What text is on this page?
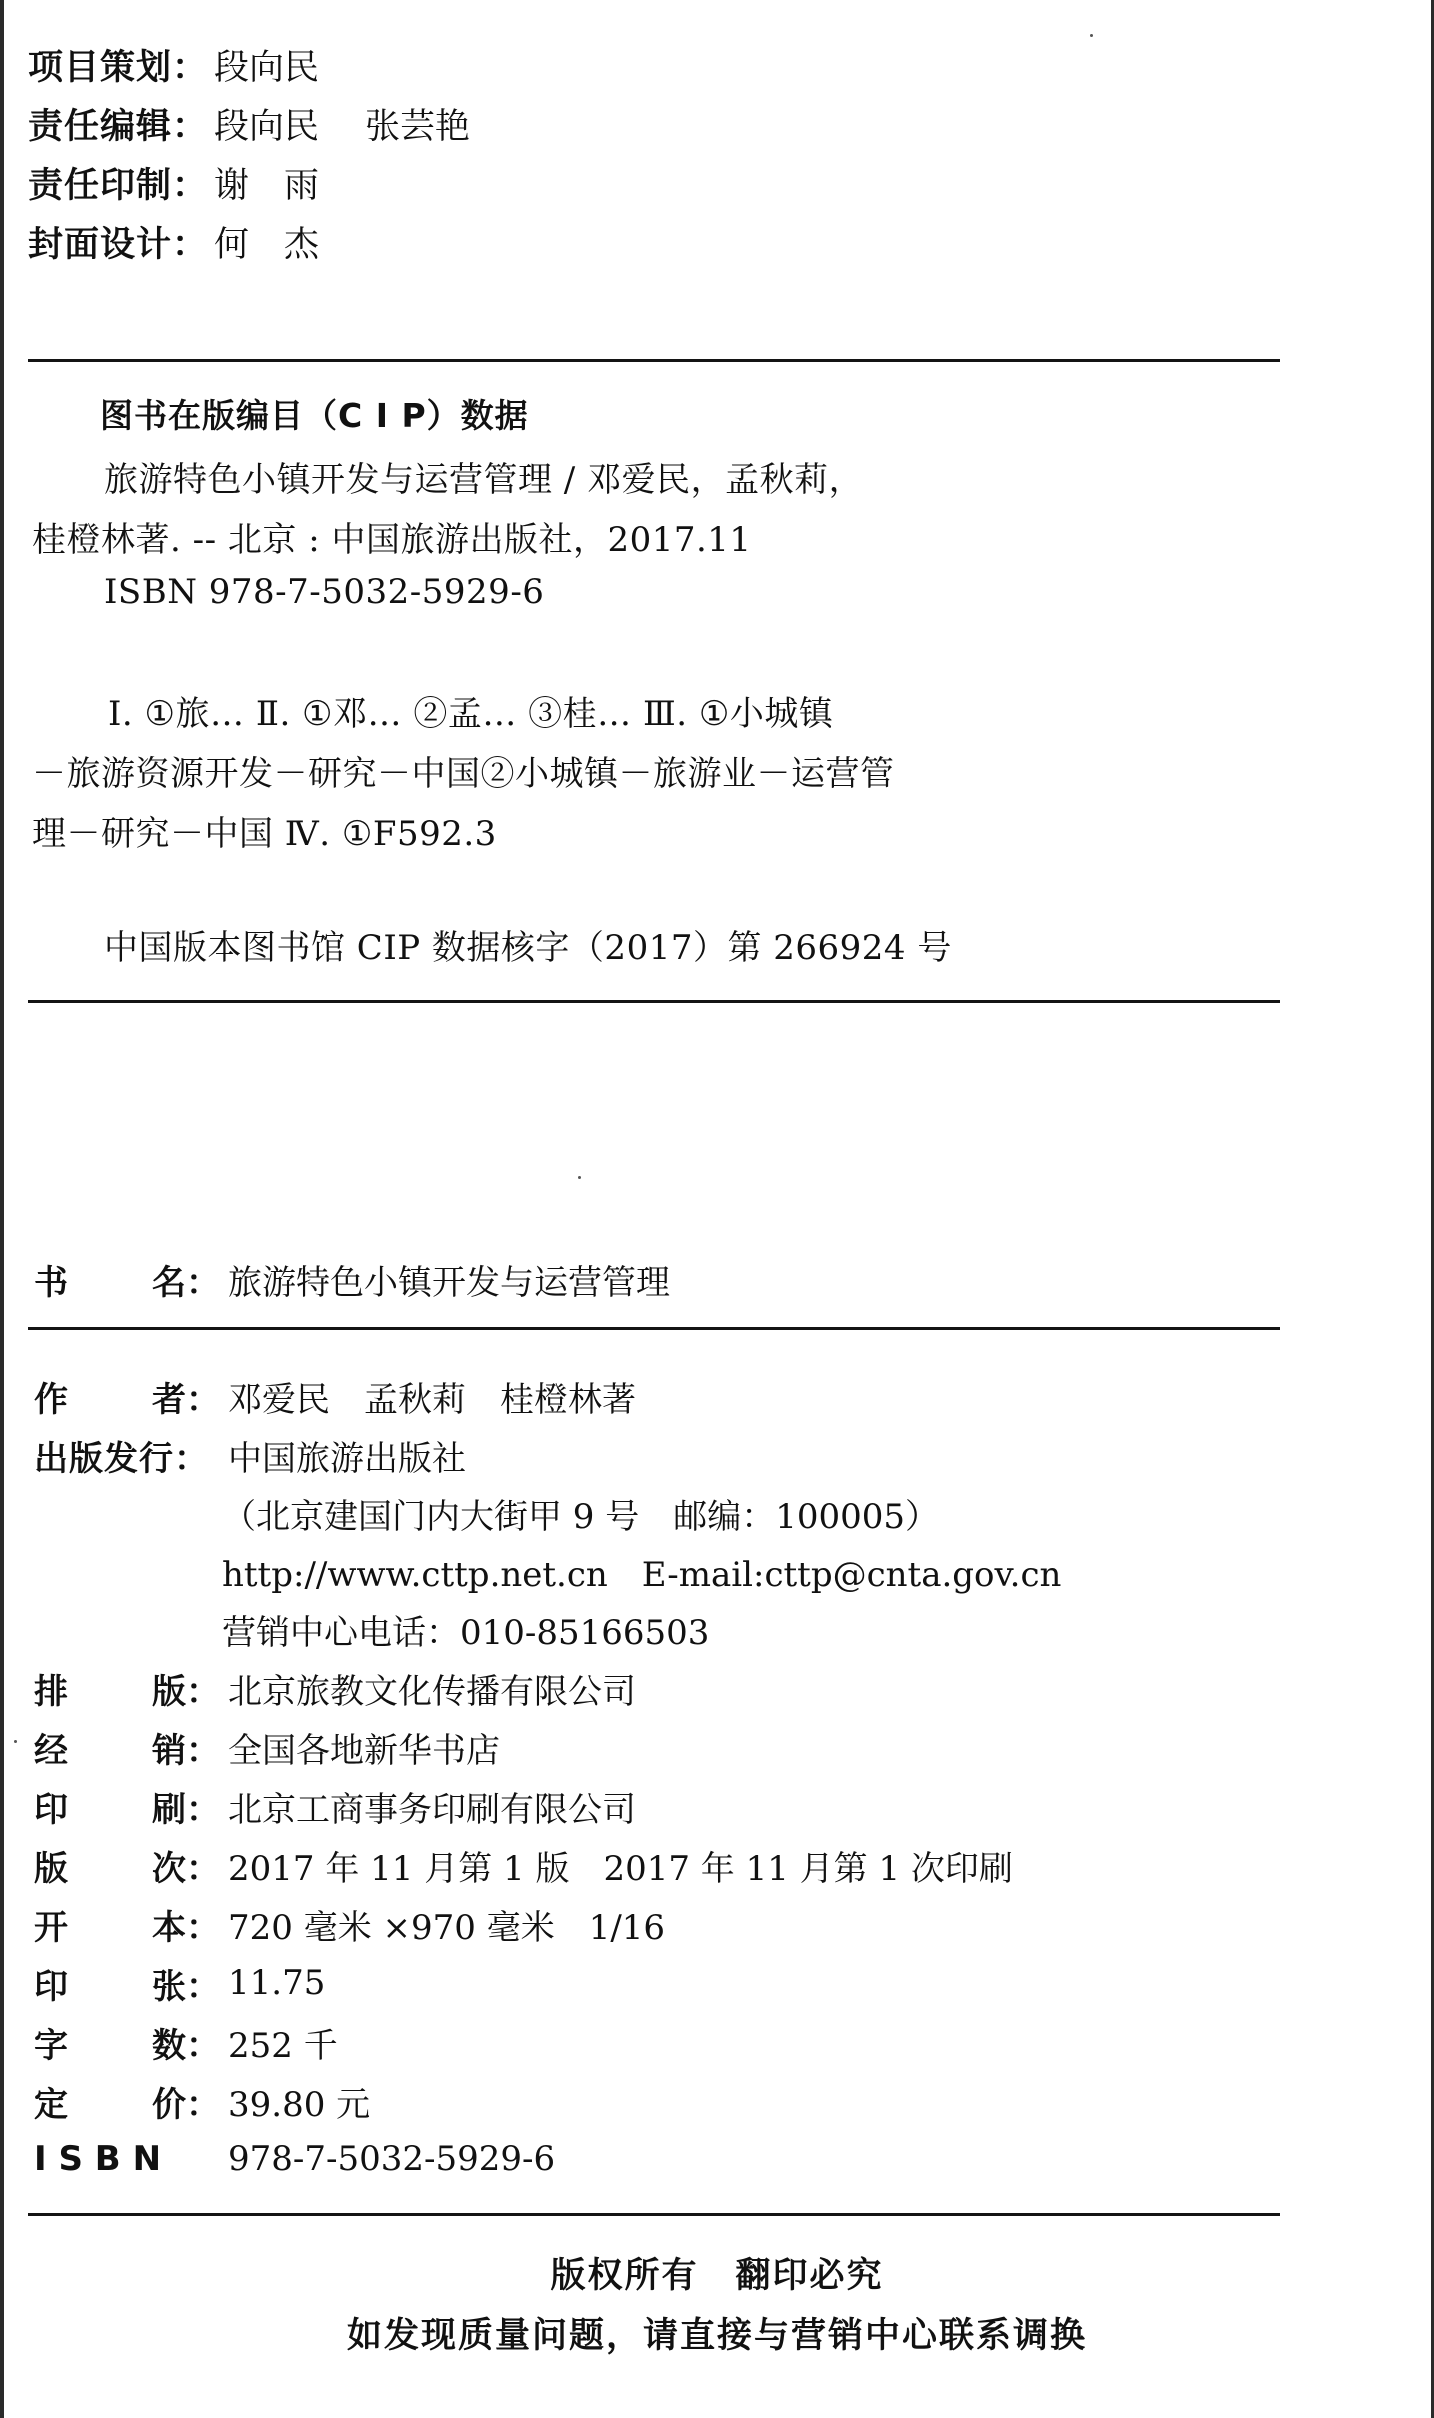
项目策划： 段向民
责任编辑： 段向民 张芸艳
责任印制： 谢　雨
封面设计： 何　杰
图书在版编目（C I P）数据
旅游特色小镇开发与运营管理 / 邓爱民，孟秋莉，
桂橙林著. -- 北京 : 中国旅游出版社，2017.11
ISBN 978-7-5032-5929-6
Ⅰ. ①旅… Ⅱ. ①邓… ②孟… ③桂… Ⅲ. ①小城镇
－旅游资源开发－研究－中国②小城镇－旅游业－运营管
理－研究－中国 Ⅳ. ①F592.3
中国版本图书馆 CIP 数据核字（2017）第 266924 号
书 名： 旅游特色小镇开发与运营管理
作 者： 邓爱民　孟秋莉　桂橙林著
出版发行： 中国旅游出版社
（北京建国门内大街甲 9 号　邮编：100005）
http://www.cttp.net.cn　E-mail:cttp@cnta.gov.cn
营销中心电话：010-85166503
排 版： 北京旅教文化传播有限公司
经 销： 全国各地新华书店
印 刷： 北京工商事务印刷有限公司
版 次： 2017 年 11 月第 1 版　2017 年 11 月第 1 次印刷
开 本： 720 毫米 ×970 毫米　1/16
印 张： 11.75
字 数： 252 千
定 价： 39.80 元
I S B N	978-7-5032-5929-6
版权所有　翻印必究
如发现质量问题，请直接与营销中心联系调换
